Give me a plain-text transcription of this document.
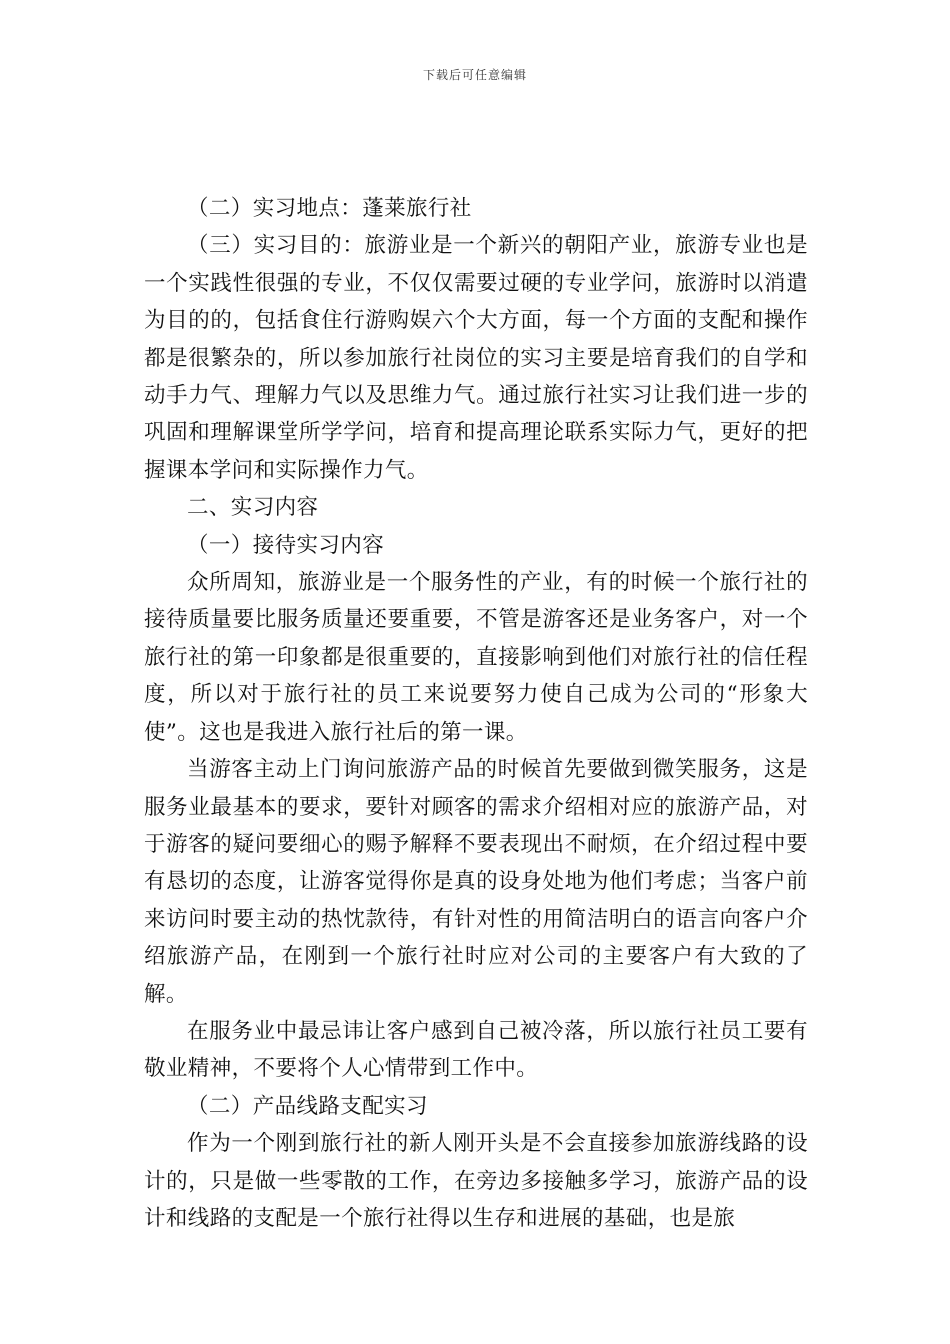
下载后可任意编辑

（二）实习地点：蓬莱旅行社

（三）实习目的：旅游业是一个新兴的朝阳产业，旅游专业也是一个实践性很强的专业，不仅仅需要过硬的专业学问，旅游时以消遣为目的的，包括食住行游购娱六个大方面，每一个方面的支配和操作都是很繁杂的，所以参加旅行社岗位的实习主要是培育我们的自学和动手力气、理解力气以及思维力气。通过旅行社实习让我们进一步的巩固和理解课堂所学学问，培育和提高理论联系实际力气，更好的把握课本学问和实际操作力气。

二、实习内容

（一）接待实习内容

众所周知，旅游业是一个服务性的产业，有的时候一个旅行社的接待质量要比服务质量还要重要，不管是游客还是业务客户，对一个旅行社的第一印象都是很重要的，直接影响到他们对旅行社的信任程度，所以对于旅行社的员工来说要努力使自己成为公司的“形象大使”。这也是我进入旅行社后的第一课。

当游客主动上门询问旅游产品的时候首先要做到微笑服务，这是服务业最基本的要求，要针对顾客的需求介绍相对应的旅游产品，对于游客的疑问要细心的赐予解释不要表现出不耐烦，在介绍过程中要有恳切的态度，让游客觉得你是真的设身处地为他们考虑；当客户前来访问时要主动的热忱款待，有针对性的用简洁明白的语言向客户介绍旅游产品，在刚到一个旅行社时应对公司的主要客户有大致的了解。

在服务业中最忌讳让客户感到自己被冷落，所以旅行社员工要有敬业精神，不要将个人心情带到工作中。

（二）产品线路支配实习

作为一个刚到旅行社的新人刚开头是不会直接参加旅游线路的设计的，只是做一些零散的工作，在旁边多接触多学习，旅游产品的设计和线路的支配是一个旅行社得以生存和进展的基础，也是旅
